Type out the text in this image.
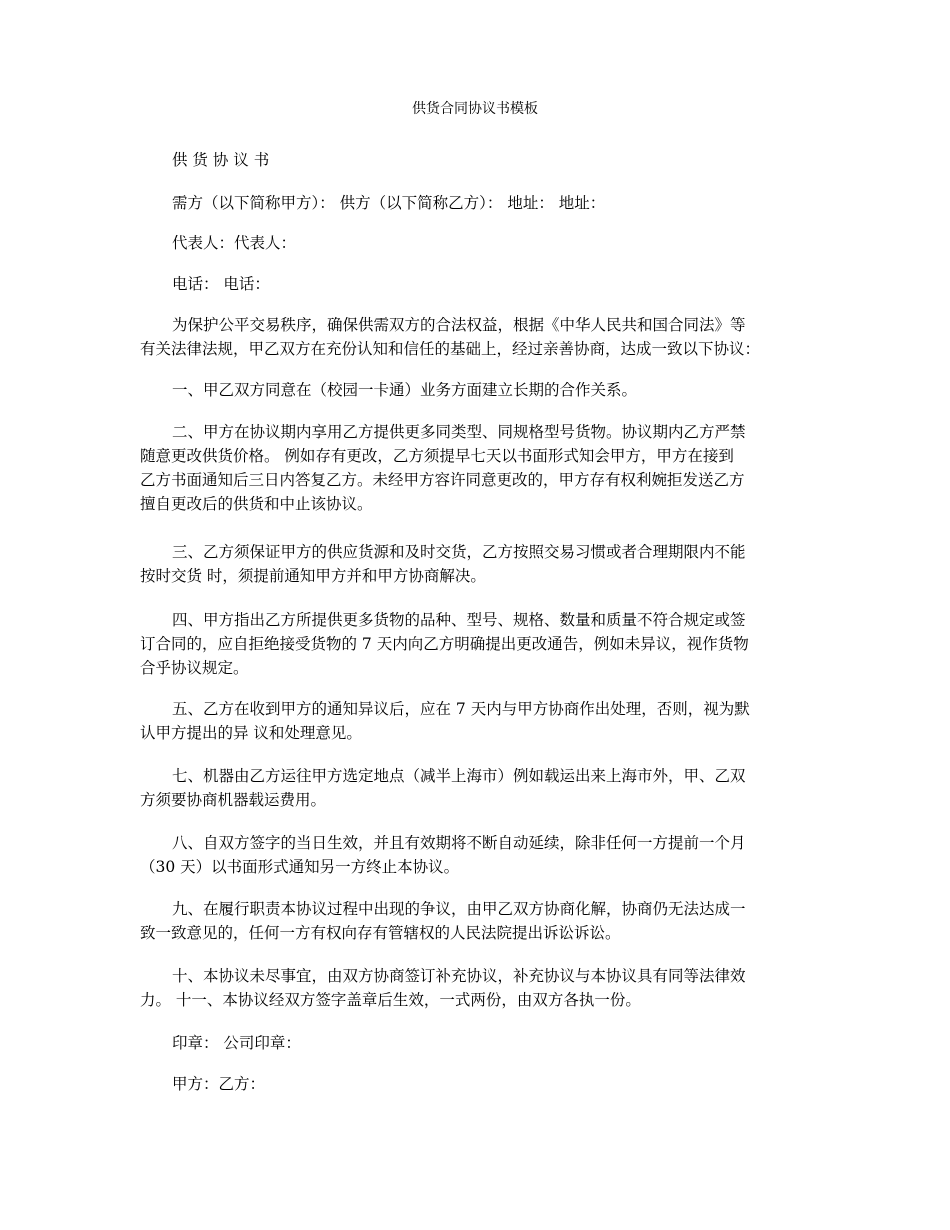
供货合同协议书模板
供 货 协 议 书
需方（以下简称甲方）： 供方（以下简称乙方）： 地址： 地址：
代表人：代表人：
电话： 电话：
为保护公平交易秩序，确保供需双方的合法权益，根据《中华人民共和国合同法》等
有关法律法规，甲乙双方在充份认知和信任的基础上，经过亲善协商，达成一致以下协议：
一、甲乙双方同意在（校园一卡通）业务方面建立长期的合作关系。
二、甲方在协议期内享用乙方提供更多同类型、同规格型号货物。协议期内乙方严禁
随意更改供货价格。 例如存有更改，乙方须提早七天以书面形式知会甲方，甲方在接到
乙方书面通知后三日内答复乙方。未经甲方容许同意更改的，甲方存有权利婉拒发送乙方
擅自更改后的供货和中止该协议。
三、乙方须保证甲方的供应货源和及时交货，乙方按照交易习惯或者合理期限内不能
按时交货 时，须提前通知甲方并和甲方协商解决。
四、甲方指出乙方所提供更多货物的品种、型号、规格、数量和质量不符合规定或签
订合同的，应自拒绝接受货物的 7 天内向乙方明确提出更改通告，例如未异议，视作货物
合乎协议规定。
五、乙方在收到甲方的通知异议后，应在 7 天内与甲方协商作出处理，否则，视为默
认甲方提出的异 议和处理意见。
七、机器由乙方运往甲方选定地点（减半上海市）例如载运出来上海市外，甲、乙双
方须要协商机器载运费用。
八、自双方签字的当日生效，并且有效期将不断自动延续，除非任何一方提前一个月
（30 天）以书面形式通知另一方终止本协议。
九、在履行职责本协议过程中出现的争议，由甲乙双方协商化解，协商仍无法达成一
致一致意见的，任何一方有权向存有管辖权的人民法院提出诉讼诉讼。
十、本协议未尽事宜，由双方协商签订补充协议，补充协议与本协议具有同等法律效
力。 十一、本协议经双方签字盖章后生效，一式两份，由双方各执一份。
印章： 公司印章：
甲方：乙方：
